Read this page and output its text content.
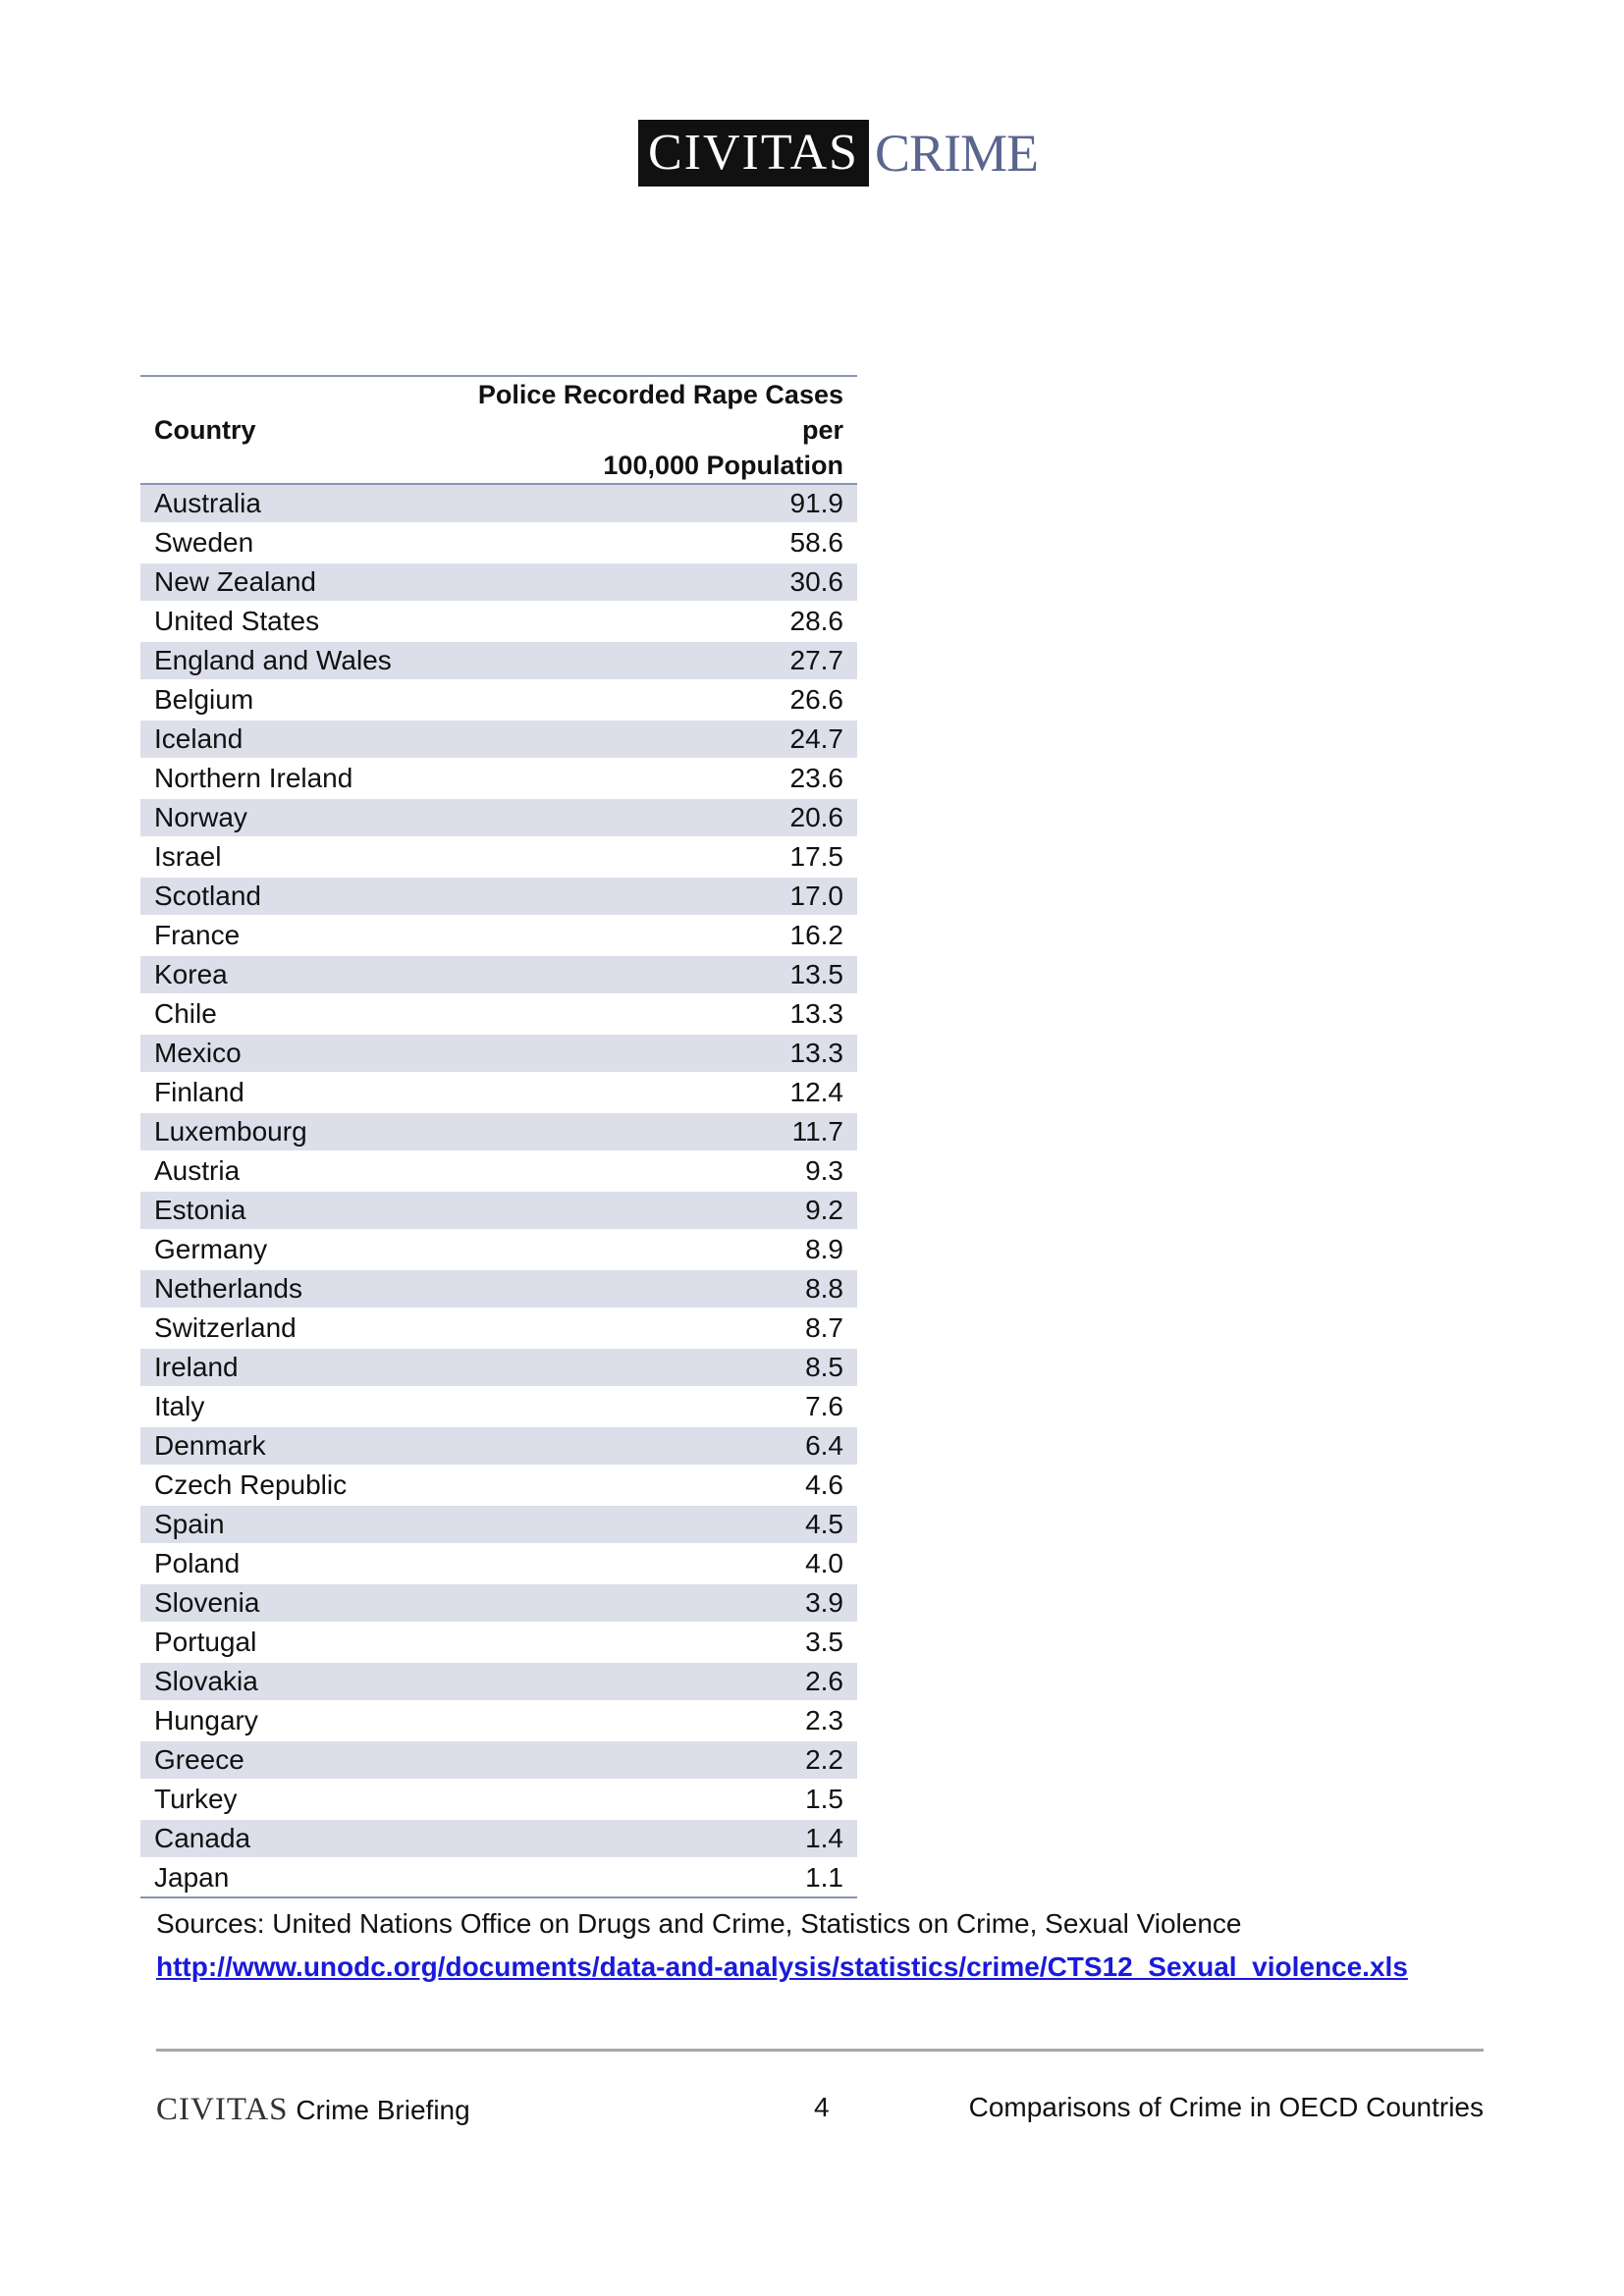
CIVITAS CRIME
Country	Police Recorded Rape Cases per
100,000 Population
Australia	91.9
Sweden	58.6
New Zealand	30.6
United States	28.6
England and Wales	27.7
Belgium	26.6
Iceland	24.7
Northern Ireland	23.6
Norway	20.6
Israel	17.5
Scotland	17.0
France	16.2
Korea	13.5
Chile	13.3
Mexico	13.3
Finland	12.4
Luxembourg	11.7
Austria	9.3
Estonia	9.2
Germany	8.9
Netherlands	8.8
Switzerland	8.7
Ireland	8.5
Italy	7.6
Denmark	6.4
Czech Republic	4.6
Spain	4.5
Poland	4.0
Slovenia	3.9
Portugal	3.5
Slovakia	2.6
Hungary	2.3
Greece	2.2
Turkey	1.5
Canada	1.4
Japan	1.1
Sources: United Nations Office on Drugs and Crime, Statistics on Crime, Sexual Violence
http://www.unodc.org/documents/data-and-analysis/statistics/crime/CTS12_Sexual_violence.xls
CIVITAS Crime Briefing	4	Comparisons of Crime in OECD Countries
